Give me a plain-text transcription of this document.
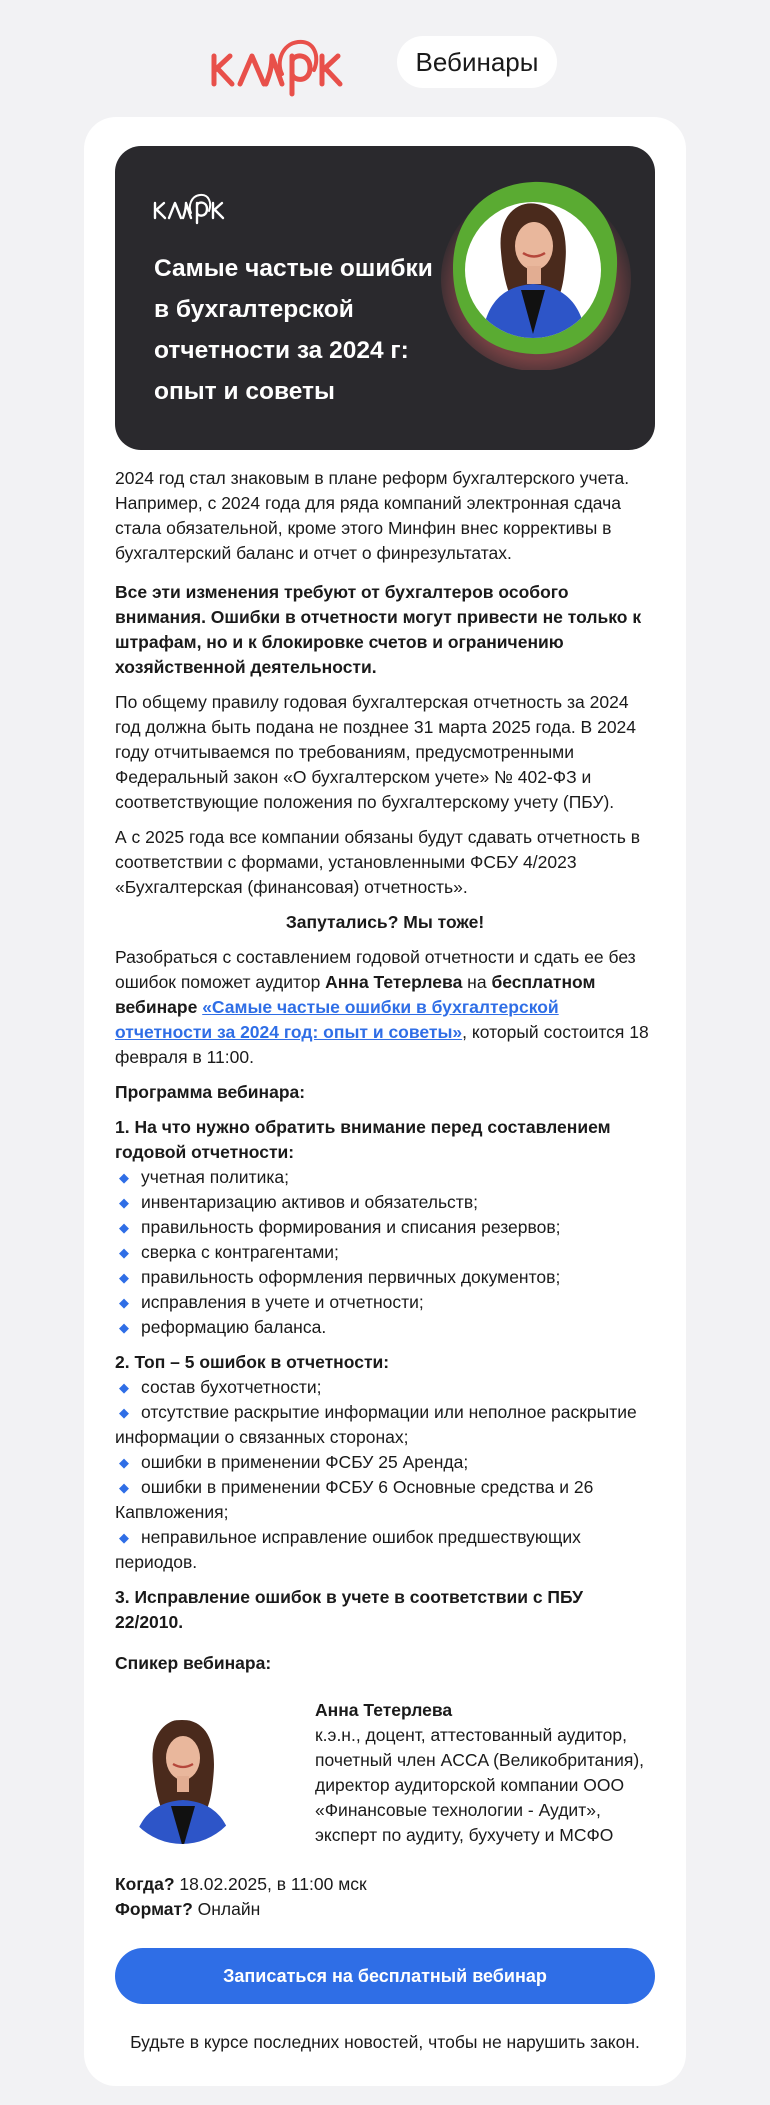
Вебинары
Самые частые ошибки в бухгалтерской отчетности за 2024 г: опыт и советы

2024 год стал знаковым в плане реформ бухгалтерского учета. Например, с 2024 года для ряда компаний электронная сдача стала обязательной, кроме этого Минфин внес коррективы в бухгалтерский баланс и отчет о финрезультатах.

Все эти изменения требуют от бухгалтеров особого внимания. Ошибки в отчетности могут привести не только к штрафам, но и к блокировке счетов и ограничению хозяйственной деятельности.

По общему правилу годовая бухгалтерская отчетность за 2024 год должна быть подана не позднее 31 марта 2025 года. В 2024 году отчитываемся по требованиям, предусмотренными Федеральный закон «О бухгалтерском учете» № 402-ФЗ и соответствующие положения по бухгалтерскому учету (ПБУ).

А с 2025 года все компании обязаны будут сдавать отчетность в соответствии с формами, установленными ФСБУ 4/2023 «Бухгалтерская (финансовая) отчетность».

Запутались? Мы тоже!

Разобраться с составлением годовой отчетности и сдать ее без ошибок поможет аудитор Анна Тетерлева на бесплатном вебинаре «Самые частые ошибки в бухгалтерской отчетности за 2024 год: опыт и советы», который состоится 18 февраля в 11:00.

Программа вебинара:

1. На что нужно обратить внимание перед составлением годовой отчетности:

◆ учетная политика;
◆ инвентаризацию активов и обязательств;
◆ правильность формирования и списания резервов;
◆ сверка с контрагентами;
◆ правильность оформления первичных документов;
◆ исправления в учете и отчетности;
◆ реформацию баланса.

2. Топ – 5 ошибок в отчетности:

◆ состав бухотчетности;
◆ отсутствие раскрытие информации или неполное раскрытие информации о связанных сторонах;
◆ ошибки в применении ФСБУ 25 Аренда;
◆ ошибки в применении ФСБУ 6 Основные средства и 26 Капвложения;
◆ неправильное исправление ошибок предшествующих периодов.

3. Исправление ошибок в учете в соответствии с ПБУ 22/2010.

Спикер вебинара:

Анна Тетерлева

к.э.н., доцент, аттестованный аудитор, почетный член ACCA (Великобритания), директор аудиторской компании ООО «Финансовые технологии - Аудит», эксперт по аудиту, бухучету и МСФО

Когда? 18.02.2025, в 11:00 мск

Формат? Онлайн

Записаться на бесплатный вебинар

Будьте в курсе последних новостей, чтобы не нарушить закон.
